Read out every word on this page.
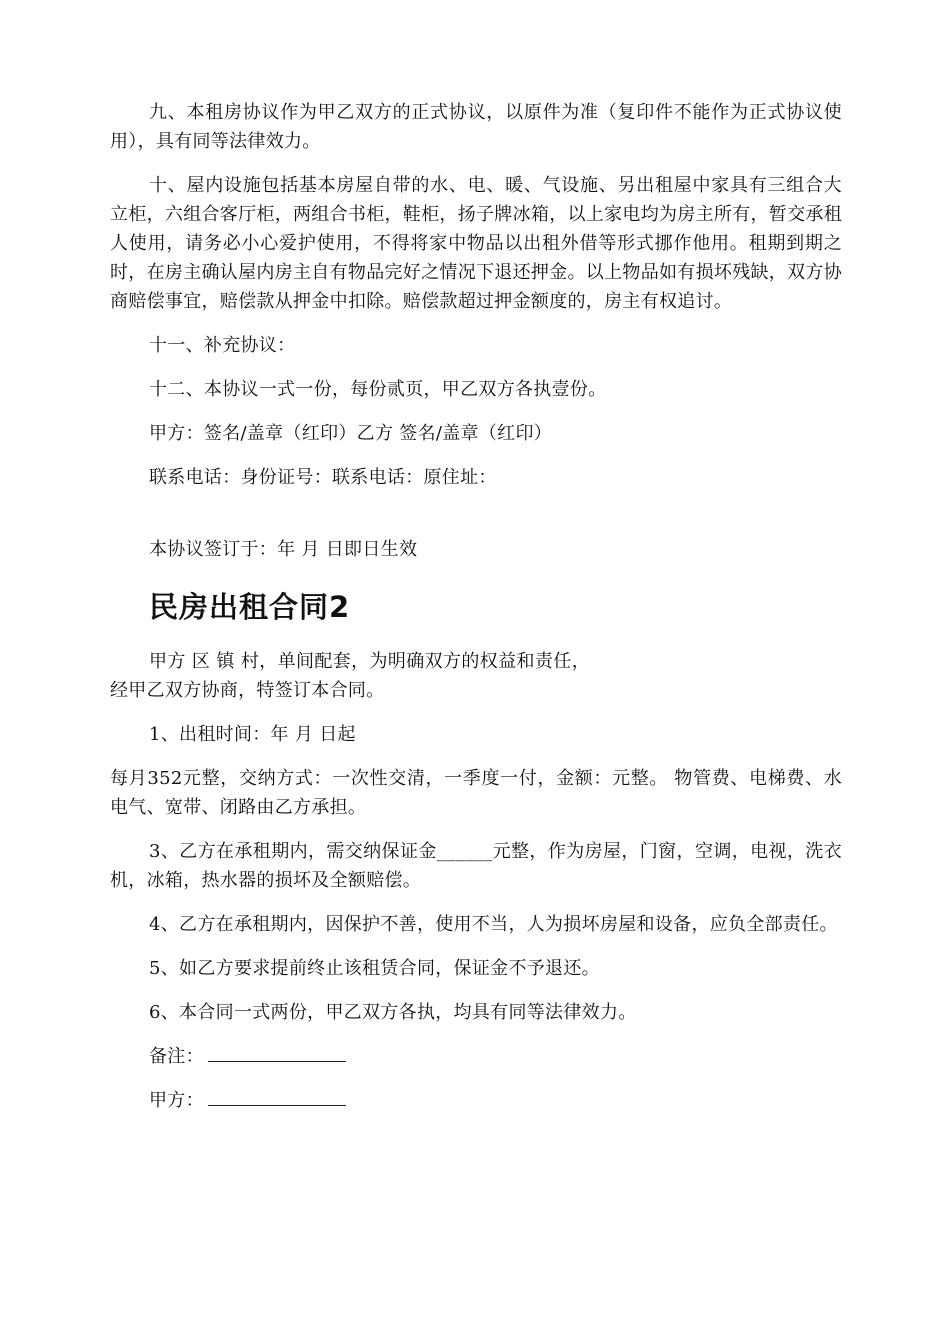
九、本租房协议作为甲乙双方的正式协议，以原件为准（复印件不能作为正式协议使用），具有同等法律效力。

十、屋内设施包括基本房屋自带的水、电、暖、气设施、另出租屋中家具有三组合大立柜，六组合客厅柜，两组合书柜，鞋柜，扬子牌冰箱，以上家电均为房主所有，暂交承租人使用，请务必小心爱护使用，不得将家中物品以出租外借等形式挪作他用。租期到期之时，在房主确认屋内房主自有物品完好之情况下退还押金。以上物品如有损坏残缺，双方协商赔偿事宜，赔偿款从押金中扣除。赔偿款超过押金额度的，房主有权追讨。

十一、补充协议：

十二、本协议一式一份，每份贰页，甲乙双方各执壹份。

甲方：签名/盖章（红印）乙方 签名/盖章（红印）

联系电话：身份证号：联系电话：原住址：

本协议签订于：年 月 日即日生效

民房出租合同2

甲方 区 镇 村，单间配套，为明确双方的权益和责任，经甲乙双方协商，特签订本合同。

1、出租时间：年 月 日起

每月352元整，交纳方式：一次性交清，一季度一付，金额：元整。 物管费、电梯费、水电气、宽带、闭路由乙方承担。

3、乙方在承租期内，需交纳保证金______元整，作为房屋，门窗，空调，电视，洗衣机，冰箱，热水器的损坏及全额赔偿。

4、乙方在承租期内，因保护不善，使用不当，人为损坏房屋和设备，应负全部责任。

5、如乙方要求提前终止该租赁合同，保证金不予退还。

6、本合同一式两份，甲乙双方各执，均具有同等法律效力。

备注：

甲方：
